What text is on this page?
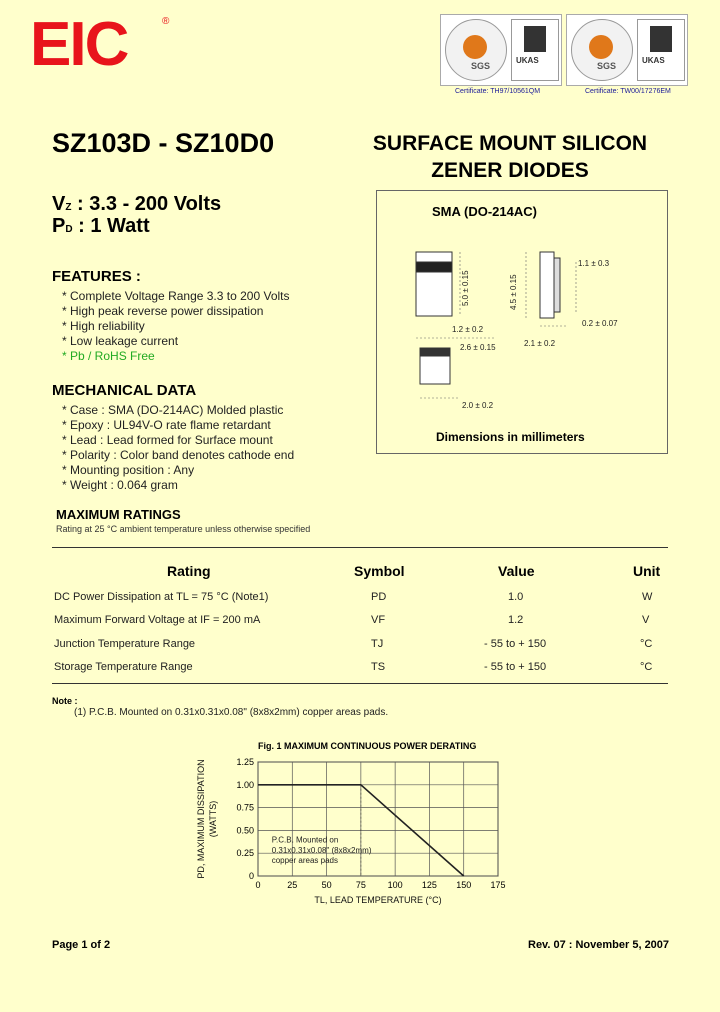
EIC	®
SGS
UKAS
Certificate: TH97/10561QM
SGS
UKAS
Certificate: TW00/17276EM
SZ103D - SZ10D0	SURFACE MOUNT SILICON
ZENER DIODES
VZ : 3.3 - 200 Volts
PD : 1 Watt
FEATURES :
* Complete Voltage Range 3.3 to 200 Volts
* High peak reverse power dissipation
* High reliability
* Low leakage current
* Pb / RoHS Free
MECHANICAL DATA
* Case : SMA (DO-214AC) Molded plastic
* Epoxy : UL94V-O rate flame retardant
* Lead : Lead formed for Surface mount
* Polarity : Color band denotes cathode end
* Mounting position : Any
* Weight : 0.064 gram
SMA (DO-214AC)
5.0 ± 0.15	4.5 ± 0.15
1.1 ± 0.3
0.2 ± 0.07
1.2 ± 0.2
2.6 ± 0.15	2.1 ± 0.2
2.0 ± 0.2
Dimensions in millimeters
MAXIMUM RATINGS
Rating at 25 °C ambient temperature unless otherwise specified
Rating	Symbol	Value	Unit
DC Power Dissipation at TL = 75 °C (Note1)	PD	1.0	W
Maximum Forward Voltage at IF = 200 mA	VF	1.2	V
Junction Temperature Range	TJ	- 55 to + 150	°C
Storage Temperature Range	TS	- 55 to + 150	°C
Note :
(1) P.C.B. Mounted on 0.31x0.31x0.08" (8x8x2mm) copper areas pads.
Fig. 1 MAXIMUM CONTINUOUS POWER DERATING
0	25	50	75 100 125 150 175
0
0.25
0.50
0.75
1.00
1.25
P.C.B. Mounted on
0.31x0.31x0.08" (8x8x2mm)
copper areas pads
TL, LEAD TEMPERATURE (°C)
PD, MAXIMUM DISSIPATION (WATTS)
Page 1 of 2	Rev. 07 : November 5, 2007
